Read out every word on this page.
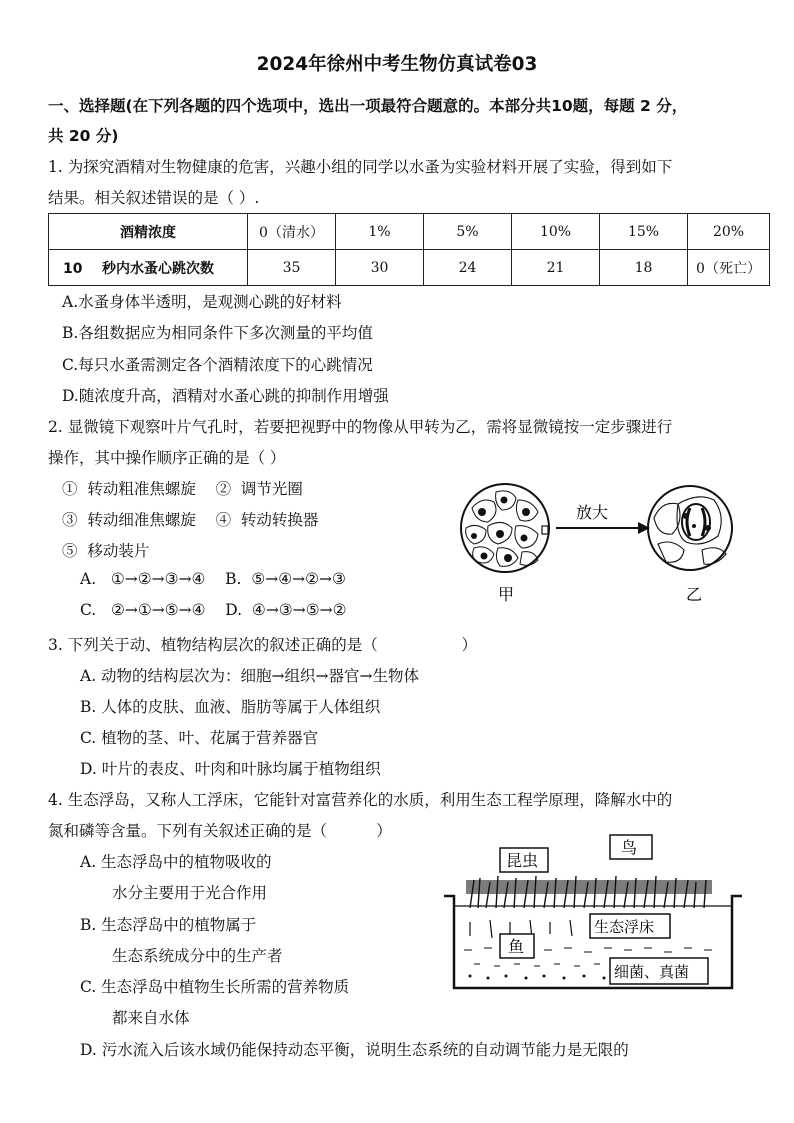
2024年徐州中考生物仿真试卷03
一、选择题(在下列各题的四个选项中，选出一项最符合题意的。本部分共10题，每题 2 分，
共 20 分)
1. 为探究酒精对生物健康的危害，兴趣小组的同学以水蚤为实验材料开展了实验，得到如下
结果。相关叙述错误的是（ ）.
酒精浓度	0（清水）	1%	5%	10%	15%	20%
10    秒内水蚤心跳次数	35	30	24	21	18	0（死亡）
A.水蚤身体半透明，是观测心跳的好材料
B.各组数据应为相同条件下多次测量的平均值
C.每只水蚤需测定各个酒精浓度下的心跳情况
D.随浓度升高，酒精对水蚤心跳的抑制作用增强
2. 显微镜下观察叶片气孔时，若要把视野中的物像从甲转为乙，需将显微镜按一定步骤进行
操作，其中操作顺序正确的是（ ）
①  转动粗准焦螺旋    ②  调节光圈
③  转动细准焦螺旋    ④  转动转换器
⑤  移动装片
A.   ①→②→③→④    B.  ⑤→④→②→③
C.   ②→①→⑤→④    D.  ④→③→⑤→②
放大
甲	乙
3. 下列关于动、植物结构层次的叙述正确的是（                 ）
A. 动物的结构层次为：细胞→组织→器官→生物体
B. 人体的皮肤、血液、脂肪等属于人体组织
C. 植物的茎、叶、花属于营养器官
D. 叶片的表皮、叶肉和叶脉均属于植物组织
4. 生态浮岛，又称人工浮床，它能针对富营养化的水质，利用生态工程学原理，降解水中的
氮和磷等含量。下列有关叙述正确的是（          ）
A. 生态浮岛中的植物吸收的
水分主要用于光合作用
B. 生态浮岛中的植物属于
生态系统成分中的生产者
C. 生态浮岛中植物生长所需的营养物质
都来自水体
D. 污水流入后该水域仍能保持动态平衡，说明生态系统的自动调节能力是无限的
昆虫
鸟
生态浮床
鱼
细菌、真菌
